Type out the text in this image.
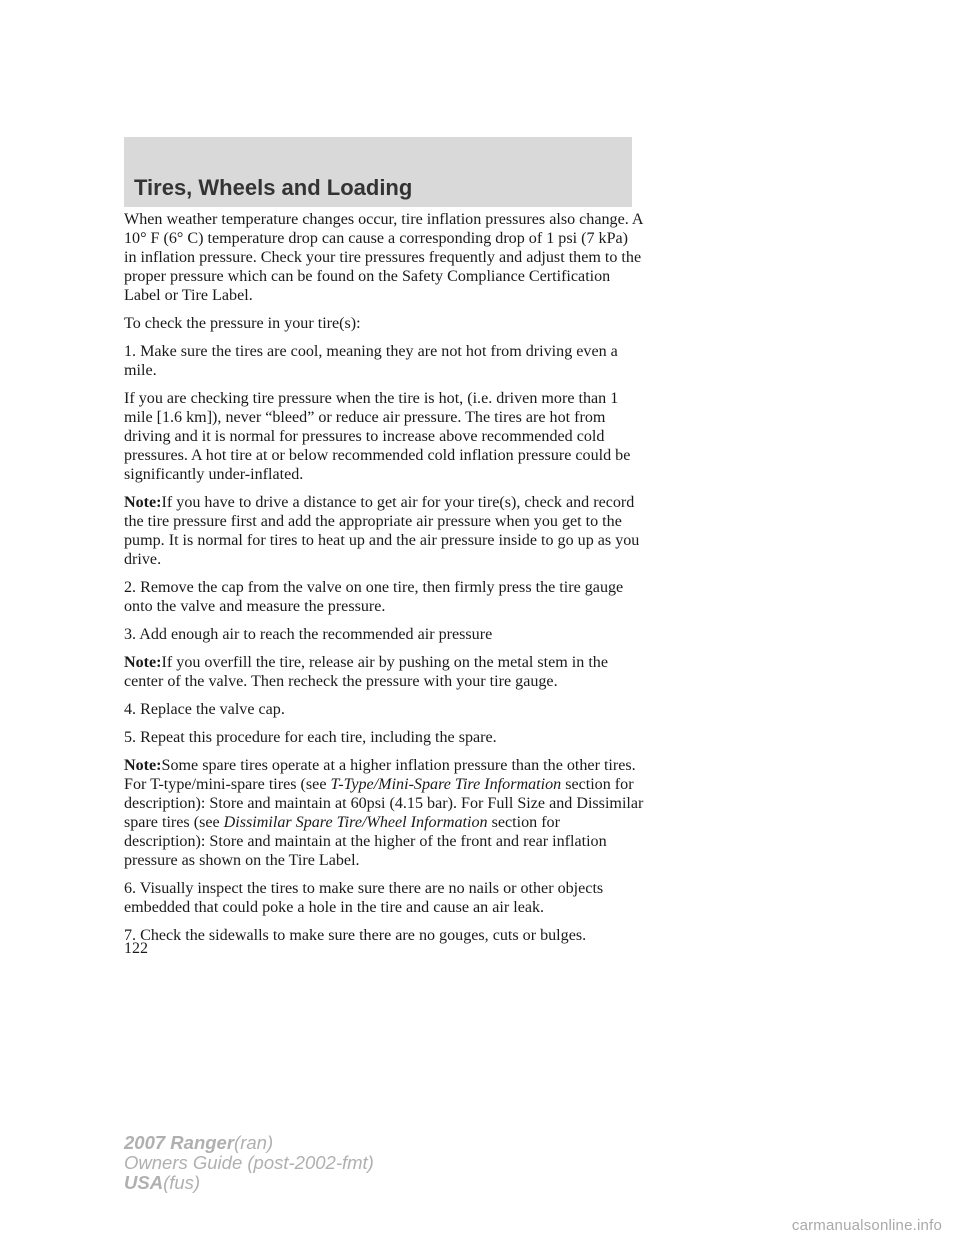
Tires, Wheels and Loading

When weather temperature changes occur, tire inflation pressures also change. A 10° F (6° C) temperature drop can cause a corresponding drop of 1 psi (7 kPa) in inflation pressure. Check your tire pressures frequently and adjust them to the proper pressure which can be found on the Safety Compliance Certification Label or Tire Label.

To check the pressure in your tire(s):

1. Make sure the tires are cool, meaning they are not hot from driving even a mile.

If you are checking tire pressure when the tire is hot, (i.e. driven more than 1 mile [1.6 km]), never “bleed” or reduce air pressure. The tires are hot from driving and it is normal for pressures to increase above recommended cold pressures. A hot tire at or below recommended cold inflation pressure could be significantly under-inflated.

Note:If you have to drive a distance to get air for your tire(s), check and record the tire pressure first and add the appropriate air pressure when you get to the pump. It is normal for tires to heat up and the air pressure inside to go up as you drive.

2. Remove the cap from the valve on one tire, then firmly press the tire gauge onto the valve and measure the pressure.

3. Add enough air to reach the recommended air pressure

Note:If you overfill the tire, release air by pushing on the metal stem in the center of the valve. Then recheck the pressure with your tire gauge.

4. Replace the valve cap.

5. Repeat this procedure for each tire, including the spare.

Note:Some spare tires operate at a higher inflation pressure than the other tires. For T-type/mini-spare tires (see T-Type/Mini-Spare Tire Information section for description): Store and maintain at 60psi (4.15 bar). For Full Size and Dissimilar spare tires (see Dissimilar Spare Tire/Wheel Information section for description): Store and maintain at the higher of the front and rear inflation pressure as shown on the Tire Label.

6. Visually inspect the tires to make sure there are no nails or other objects embedded that could poke a hole in the tire and cause an air leak.

7. Check the sidewalls to make sure there are no gouges, cuts or bulges.

122
2007 Ranger(ran)
Owners Guide (post-2002-fmt)
USA(fus)
carmanualsonline.info
